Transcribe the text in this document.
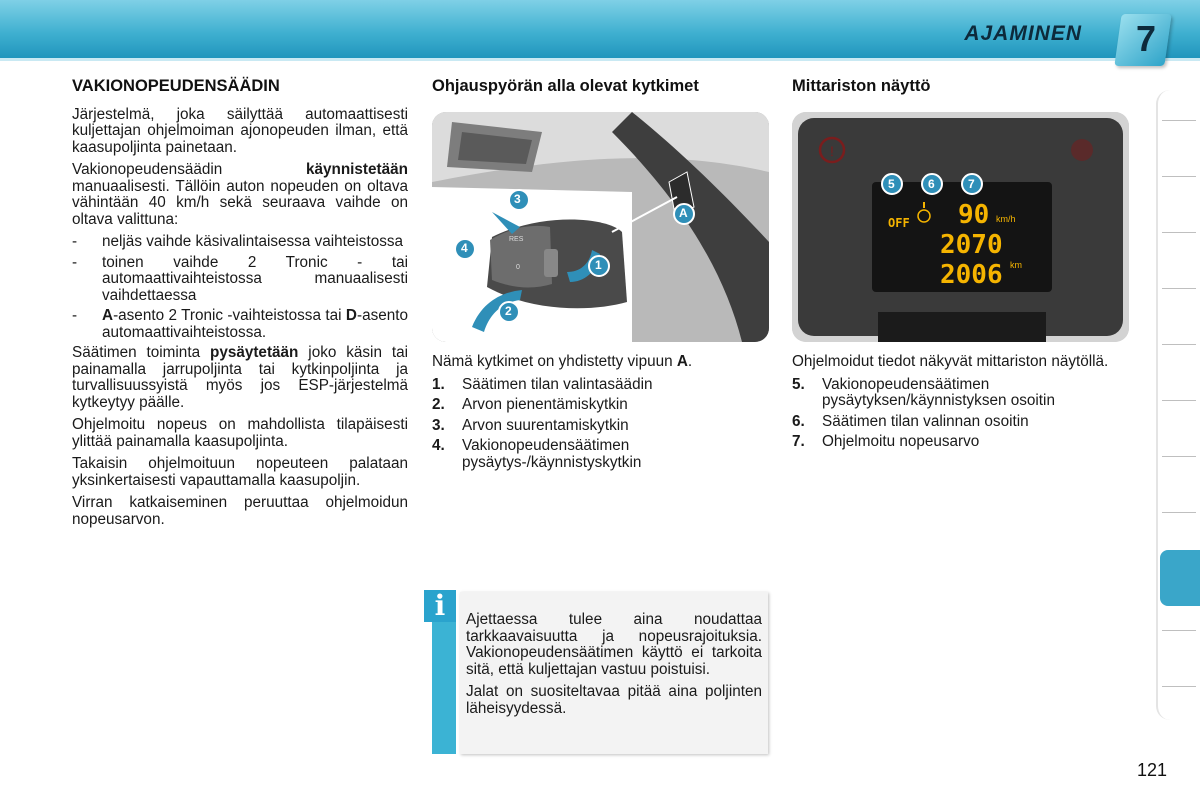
AJAMINEN 7
VAKIONOPEUDENSÄÄDIN

Järjestelmä, joka säilyttää automaattisesti kuljettajan ohjelmoiman ajonopeuden ilman, että kaasupoljinta painetaan.

Vakionopeudensäädin käynnistetään manuaalisesti. Tällöin auton nopeuden on oltava vähintään 40 km/h sekä seuraava vaihde on oltava valittuna:

-	neljäs vaihde käsivalintaisessa vaihteistossa
-	toinen vaihde 2 Tronic - tai automaattivaihteistossa manuaalisesti vaihdettaessa
-	A-asento 2 Tronic -vaihteistossa tai D-asento automaattivaihteistossa.

Säätimen toiminta pysäytetään joko käsin tai painamalla jarrupoljinta tai kytkinpoljinta ja turvallisuussyistä myös jos ESP-järjestelmä kytkeytyy päälle.

Ohjelmoitu nopeus on mahdollista tilapäisesti ylittää painamalla kaasupoljinta.

Takaisin ohjelmoituun nopeuteen palataan yksinkertaisesti vapauttamalla kaasupoljin.

Virran katkaiseminen peruuttaa ohjelmoidun nopeusarvon.

Ohjauspyörän alla olevat kytkimet
3
1
2
4
A
RES
0

Nämä kytkimet on yhdistetty vipuun A.

1.	Säätimen tilan valintasäädin
2.	Arvon pienentämiskytkin
3.	Arvon suurentamiskytkin
4.	Vakionopeudensäätimen pysäytys-/käynnistyskytkin
Mittariston näyttö
!
5	6	7
OFF 90 km/h
2070
2006 km

Ohjelmoidut tiedot näkyvät mittariston näytöllä.

5.	Vakionopeudensäätimen pysäytyksen/käynnistyksen osoitin
6.	Säätimen tilan valinnan osoitin
7.	Ohjelmoitu nopeusarvo
i	Ajettaessa tulee aina noudattaa tarkkaavaisuutta ja nopeusrajoituksia. Vakionopeudensäätimen käyttö ei tarkoita sitä, että kuljettajan vastuu poistuisi.

Jalat on suositeltavaa pitää aina poljinten läheisyydessä.

121
